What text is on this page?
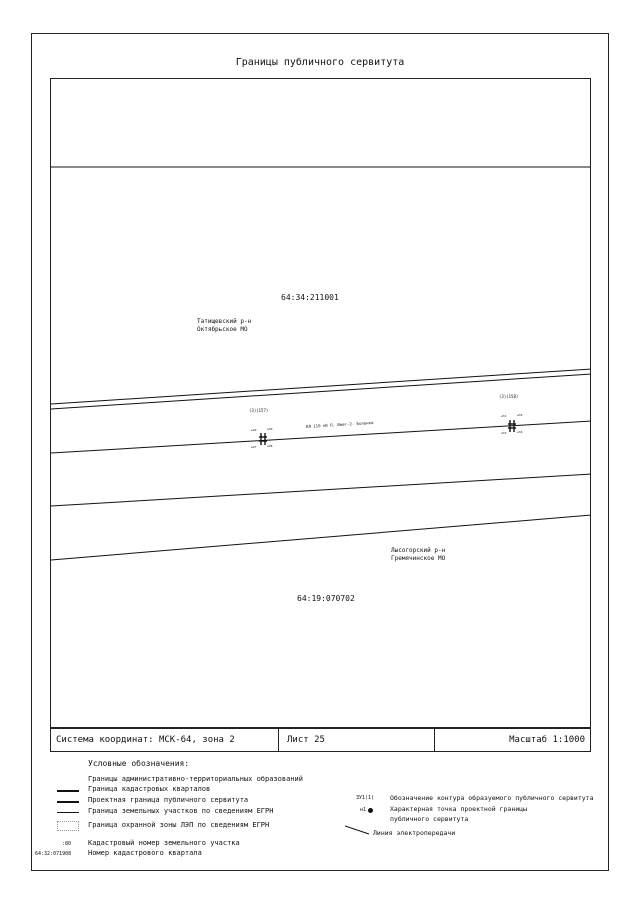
Границы публичного сервитута
64:34:211001
Татищевский р-н
Октябрьское МО
(3)(157)
(3)(158)
ВЛ 110 кВ П. Ивет-2- Болонка
н29	н30
н27	н28
н31	н32
н33	н34
Лысогорский р-н
Гремячинское МО
64:19:070702
Система координат: МСК-64, зона 2	Лист 25	Масштаб 1:1000
Условные обозначения:
Границы административно-территориальных образований
Граница кадастровых кварталов
Проектная граница публичного сервитута
Граница земельных участков по сведениям ЕГРН
Граница охранной зоны ЛЭП по сведениям ЕГРН
:80 Кадастровый номер земельного участка
64:32:071908 Номер кадастрового квартала
ЗУ1(1) Обозначение контура образуемого публичного сервитута
н1	Характерная точка проектной границы
публичного сервитута
Линия электропередачи
